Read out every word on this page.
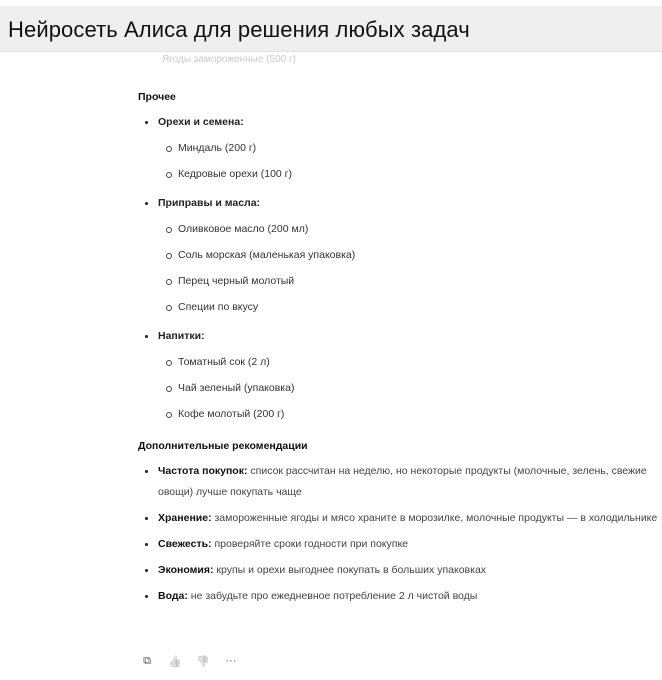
Нейросеть Алиса для решения любых задач
Ягоды замороженные (500 г)
Прочее
Орехи и семена:
Миндаль (200 г)
Кедровые орехи (100 г)
Приправы и масла:
Оливковое масло (200 мл)
Соль морская (маленькая упаковка)
Перец черный молотый
Специи по вкусу
Напитки:
Томатный сок (2 л)
Чай зеленый (упаковка)
Кофе молотый (200 г)
Дополнительные рекомендации
Частота покупок: список рассчитан на неделю, но некоторые продукты (молочные, зелень, свежие овощи) лучше покупать чаще
Хранение: замороженные ягоды и мясо храните в морозилке, молочные продукты — в холодильнике
Свежесть: проверяйте сроки годности при покупке
Экономия: крупы и орехи выгоднее покупать в больших упаковках
Вода: не забудьте про ежедневное потребление 2 л чистой воды
⧉ 👍 👎 ···
